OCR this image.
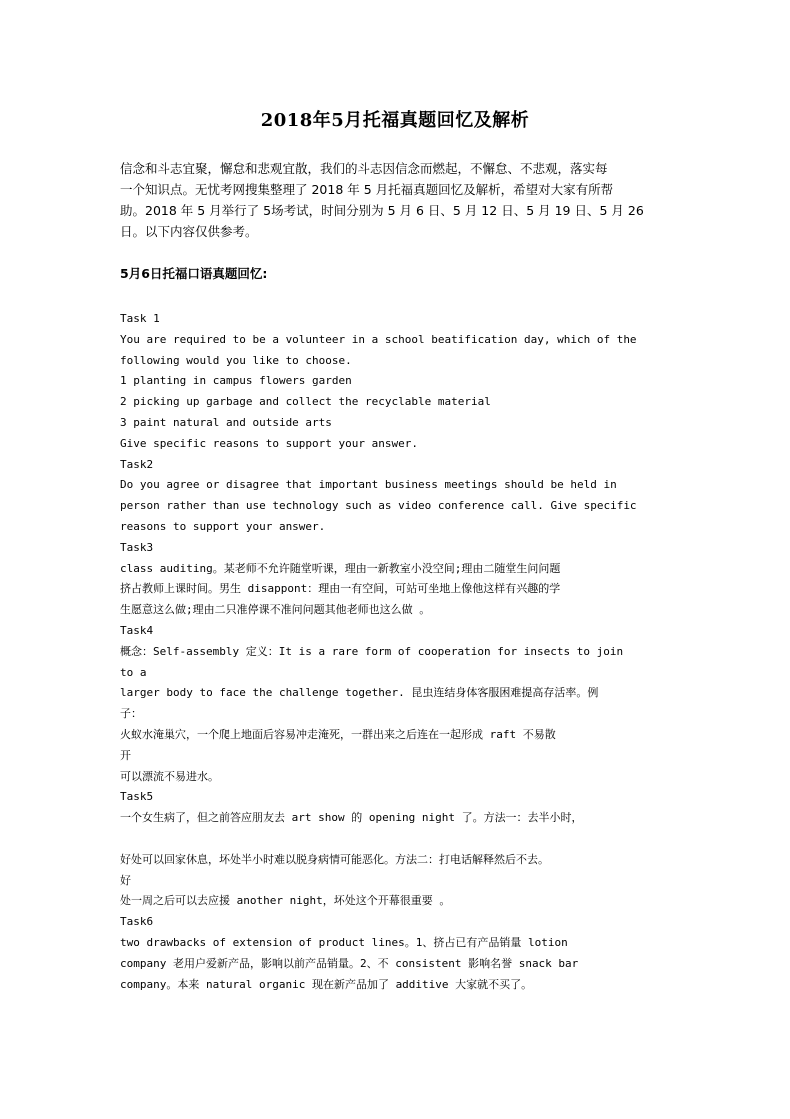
2018年5月托福真题回忆及解析

信念和斗志宜聚，懈怠和悲观宜散，我们的斗志因信念而燃起，不懈怠、不悲观，落实每

一个知识点。无忧考网搜集整理了 2018 年 5 月托福真题回忆及解析，希望对大家有所帮

助。2018 年 5 月举行了 5场考试，时间分别为 5 月 6 日、5 月 12 日、5 月 19 日、5 月 26

日。以下内容仅供参考。

5月6日托福口语真题回忆:
Task 1
You are required to be a volunteer in a school beatification day, which of the
following would you like to choose.
1 planting in campus flowers garden
2 picking up garbage and collect the recyclable material
3 paint natural and outside arts
Give specific reasons to support your answer.
Task2
Do you agree or disagree that important business meetings should be held in
person rather than use technology such as video conference call. Give specific
reasons to support your answer.
Task3
class auditing。某老师不允许随堂听课，理由一新教室小没空间;理由二随堂生问问题
挤占教师上课时间。男生 disappont：理由一有空间，可站可坐地上像他这样有兴趣的学
生愿意这么做;理由二只准停课不准问问题其他老师也这么做 。
Task4
概念：Self-assembly 定义：It is a rare form of cooperation for insects to join
to a
larger body to face the challenge together. 昆虫连结身体客服困难提高存活率。例
子：
火蚁水淹巢穴，一个爬上地面后容易冲走淹死，一群出来之后连在一起形成 raft 不易散
开
可以漂流不易进水。
Task5
一个女生病了，但之前答应朋友去 art show 的 opening night 了。方法一：去半小时，
好处可以回家休息，坏处半小时难以脱身病情可能恶化。方法二：打电话解释然后不去。
好
处一周之后可以去应援 another night，坏处这个开幕很重要 。
Task6
two drawbacks of extension of product lines。1、挤占已有产品销量 lotion
company 老用户爱新产品，影响以前产品销量。2、不 consistent 影响名誉 snack bar
company。本来 natural organic 现在新产品加了 additive 大家就不买了。
